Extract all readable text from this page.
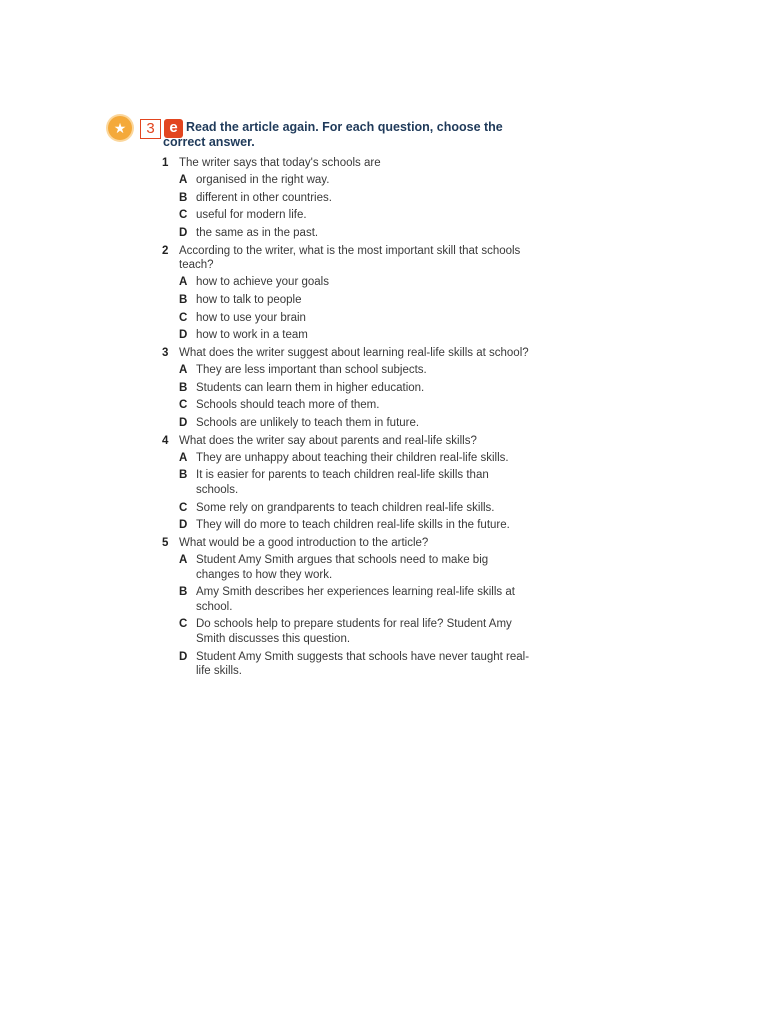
★	3 e Read the article again. For each question, choose the
correct answer.
1 The writer says that today's schools are
A organised in the right way.
B different in other countries.
C useful for modern life.
D the same as in the past.
2 According to the writer, what is the most important skill that schools teach?
A how to achieve your goals
B how to talk to people
C how to use your brain
D how to work in a team
3 What does the writer suggest about learning real-life skills at school?
A They are less important than school subjects.
B Students can learn them in higher education.
C Schools should teach more of them.
D Schools are unlikely to teach them in future.
4 What does the writer say about parents and real-life skills?
A They are unhappy about teaching their children real-life skills.
B It is easier for parents to teach children real-life skills than schools.
C Some rely on grandparents to teach children real-life skills.
D They will do more to teach children real-life skills in the future.
5 What would be a good introduction to the article?
A Student Amy Smith argues that schools need to make big changes to how they work.
B Amy Smith describes her experiences learning real-life skills at school.
C Do schools help to prepare students for real life? Student Amy Smith discusses this question.
D Student Amy Smith suggests that schools have never taught real-life skills.
